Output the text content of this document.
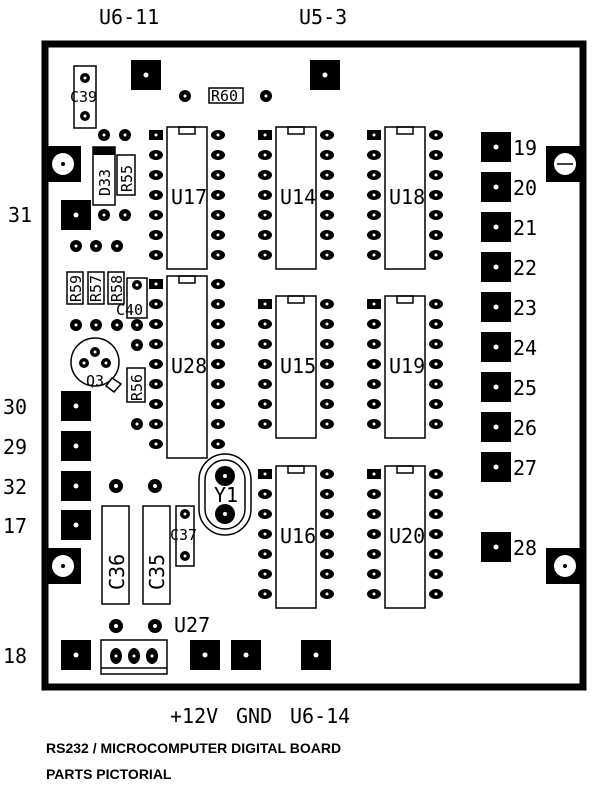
U6-11	U5-3
C39	R60
D33 R55
31
R59 R57 R58
C40
Q3 R56
30
29
32
17
C36 C35
C37
Y1
U27
18
+12V GND U6-14
U17	U14	U18
U28	U15	U19
U16	U20
19
20
21
22
23
24
25
26
27
28
RS232 / MICROCOMPUTER DIGITAL BOARD
PARTS PICTORIAL
